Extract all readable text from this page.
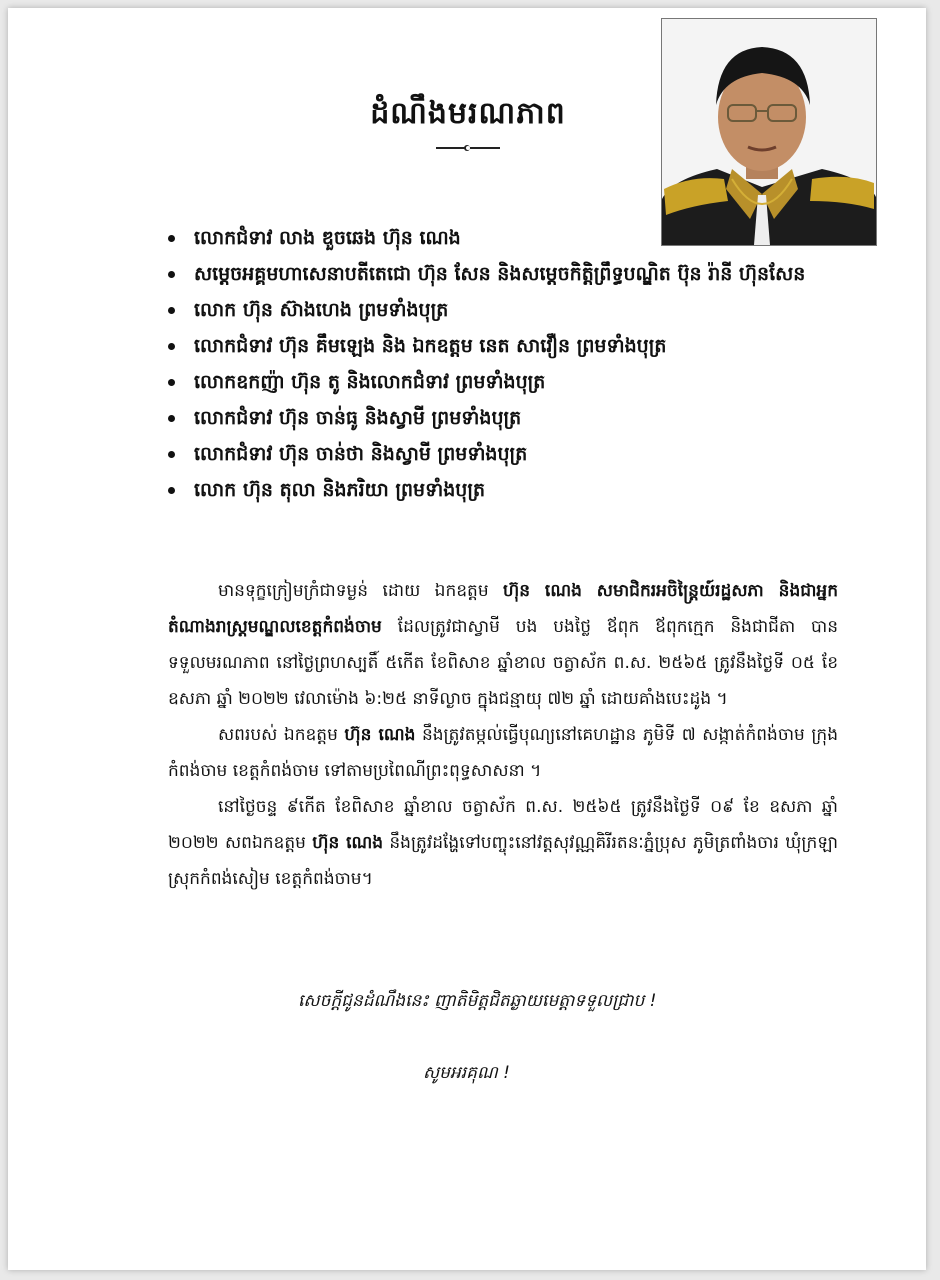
ដំណឹងមរណភាព
លោកជំទាវ លាង ឌួចឆេង ហ៊ុន ណេង
សម្ដេចអគ្គមហាសេនាបតីតេជោ ហ៊ុន សែន និងសម្ដេចកិត្តិព្រឹទ្ធបណ្ឌិត ប៊ុន រ៉ានី ហ៊ុនសែន
លោក ហ៊ុន ស៊ាងហេង ព្រមទាំងបុត្រ
លោកជំទាវ ហ៊ុន គឹមឡេង និង ឯកឧត្តម នេត សាវឿន ព្រមទាំងបុត្រ
លោកឧកញ៉ា ហ៊ុន តូ និងលោកជំទាវ ព្រមទាំងបុត្រ
លោកជំទាវ ហ៊ុន ចាន់ធូ និងស្វាមី ព្រមទាំងបុត្រ
លោកជំទាវ ហ៊ុន ចាន់ថា និងស្វាមី ព្រមទាំងបុត្រ
លោក ហ៊ុន តុលា និងភរិយា ព្រមទាំងបុត្រ

មានទុក្ខក្រៀមក្រំជាទម្ងន់ ដោយ ឯកឧត្តម ហ៊ុន ណេង សមាជិករអចិន្ត្រៃយ៍រដ្ឋសភា និងជាអ្នកតំណាងរាស្ត្រមណ្ឌលខេត្តកំពង់ចាម ដែលត្រូវជាស្វាមី បង បងថ្លៃ ឪពុក ឪពុកក្មេក និងជាជីតា បានទទួលមរណភាព នៅថ្ងៃព្រហស្បតិ៍ ៥កើត ខែពិសាខ ឆ្នាំខាល ចត្វាស័ក ព.ស. ២៥៦៥ ត្រូវនឹងថ្ងៃទី ០៥ ខែ ឧសភា ឆ្នាំ ២០២២ វេលាម៉ោង ៦:២៥ នាទីល្ងាច ក្នុងជន្មាយុ ៧២ ឆ្នាំ ដោយគាំងបេះដូង ។

សពរបស់ ឯកឧត្តម ហ៊ុន ណេង នឹងត្រូវតម្កល់ធ្វើបុណ្យនៅគេហដ្ឋាន ភូមិទី ៧ សង្កាត់កំពង់ចាម ក្រុងកំពង់ចាម ខេត្តកំពង់ចាម ទៅតាមប្រពៃណីព្រះពុទ្ធសាសនា ។

នៅថ្ងៃចន្ទ ៩កើត ខែពិសាខ ឆ្នាំខាល ចត្វាស័ក ព.ស. ២៥៦៥ ត្រូវនឹងថ្ងៃទី ០៩ ខែ ឧសភា ឆ្នាំ ២០២២ សពឯកឧត្តម ហ៊ុន ណេង នឹងត្រូវដង្ហែទៅបញ្ចុះនៅវត្តសុវណ្ណគិរីរតនៈភ្នំប្រុស ភូមិត្រពាំងចារ ឃុំក្រឡា ស្រុកកំពង់សៀម ខេត្តកំពង់ចាម។

សេចក្តីជូនដំណឹងនេះ ញាតិមិត្តជិតឆ្ងាយមេត្តាទទួលជ្រាប !
សូមអរគុណ !
